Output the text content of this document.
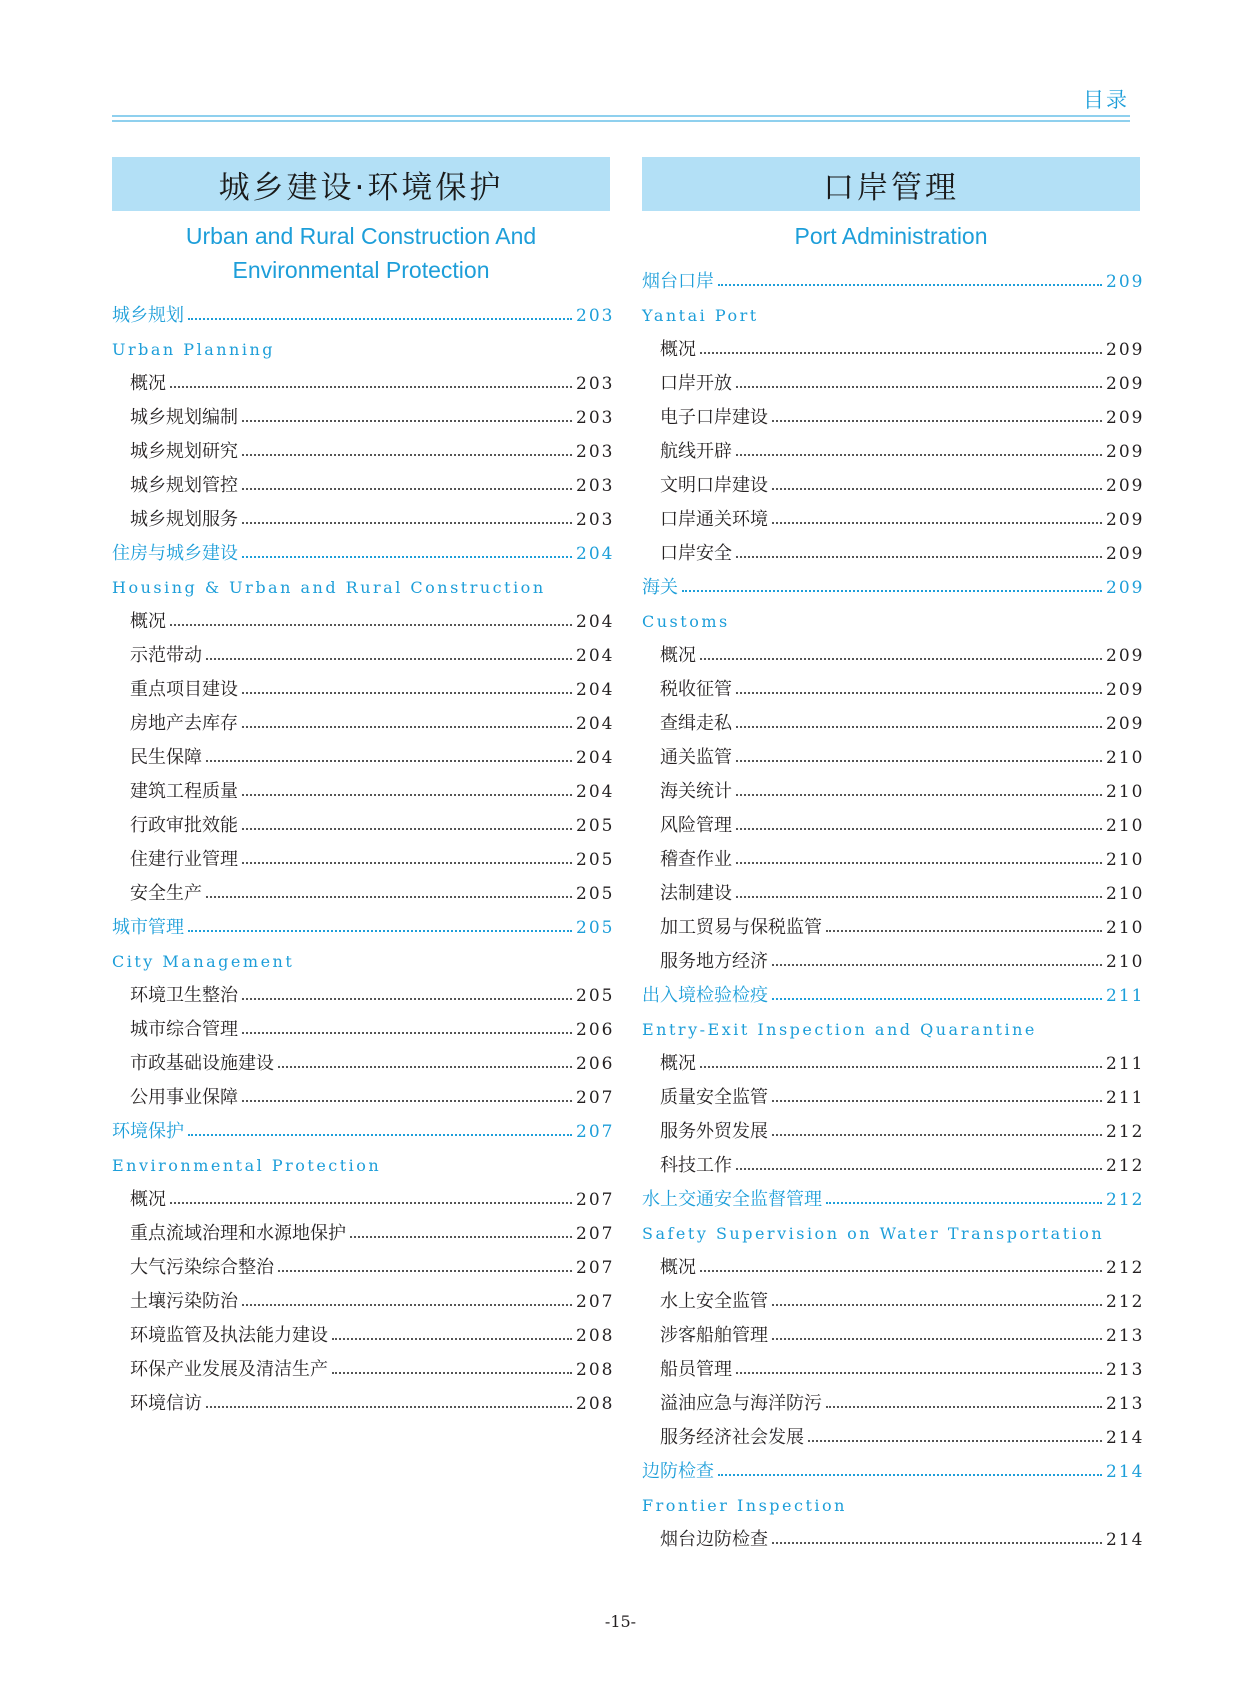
目录
城乡建设·环境保护
Urban and Rural Construction And
Environmental Protection
城乡规划	203
Urban Planning
概况	203
城乡规划编制	203
城乡规划研究	203
城乡规划管控	203
城乡规划服务	203
住房与城乡建设	204
Housing & Urban and Rural Construction
概况	204
示范带动	204
重点项目建设	204
房地产去库存	204
民生保障	204
建筑工程质量	204
行政审批效能	205
住建行业管理	205
安全生产	205
城市管理	205
City Management
环境卫生整治	205
城市综合管理	206
市政基础设施建设	206
公用事业保障	207
环境保护	207
Environmental Protection
概况	207
重点流域治理和水源地保护	207
大气污染综合整治	207
土壤污染防治	207
环境监管及执法能力建设	208
环保产业发展及清洁生产	208
环境信访	208
口岸管理
Port Administration
烟台口岸	209
Yantai Port
概况	209
口岸开放	209
电子口岸建设	209
航线开辟	209
文明口岸建设	209
口岸通关环境	209
口岸安全	209
海关	209
Customs
概况	209
税收征管	209
查缉走私	209
通关监管	210
海关统计	210
风险管理	210
稽查作业	210
法制建设	210
加工贸易与保税监管	210
服务地方经济	210
出入境检验检疫	211
Entry-Exit Inspection and Quarantine
概况	211
质量安全监管	211
服务外贸发展	212
科技工作	212
水上交通安全监督管理	212
Safety Supervision on Water Transportation
概况	212
水上安全监管	212
涉客船舶管理	213
船员管理	213
溢油应急与海洋防污	213
服务经济社会发展	214
边防检查	214
Frontier Inspection
烟台边防检查	214
-15-
